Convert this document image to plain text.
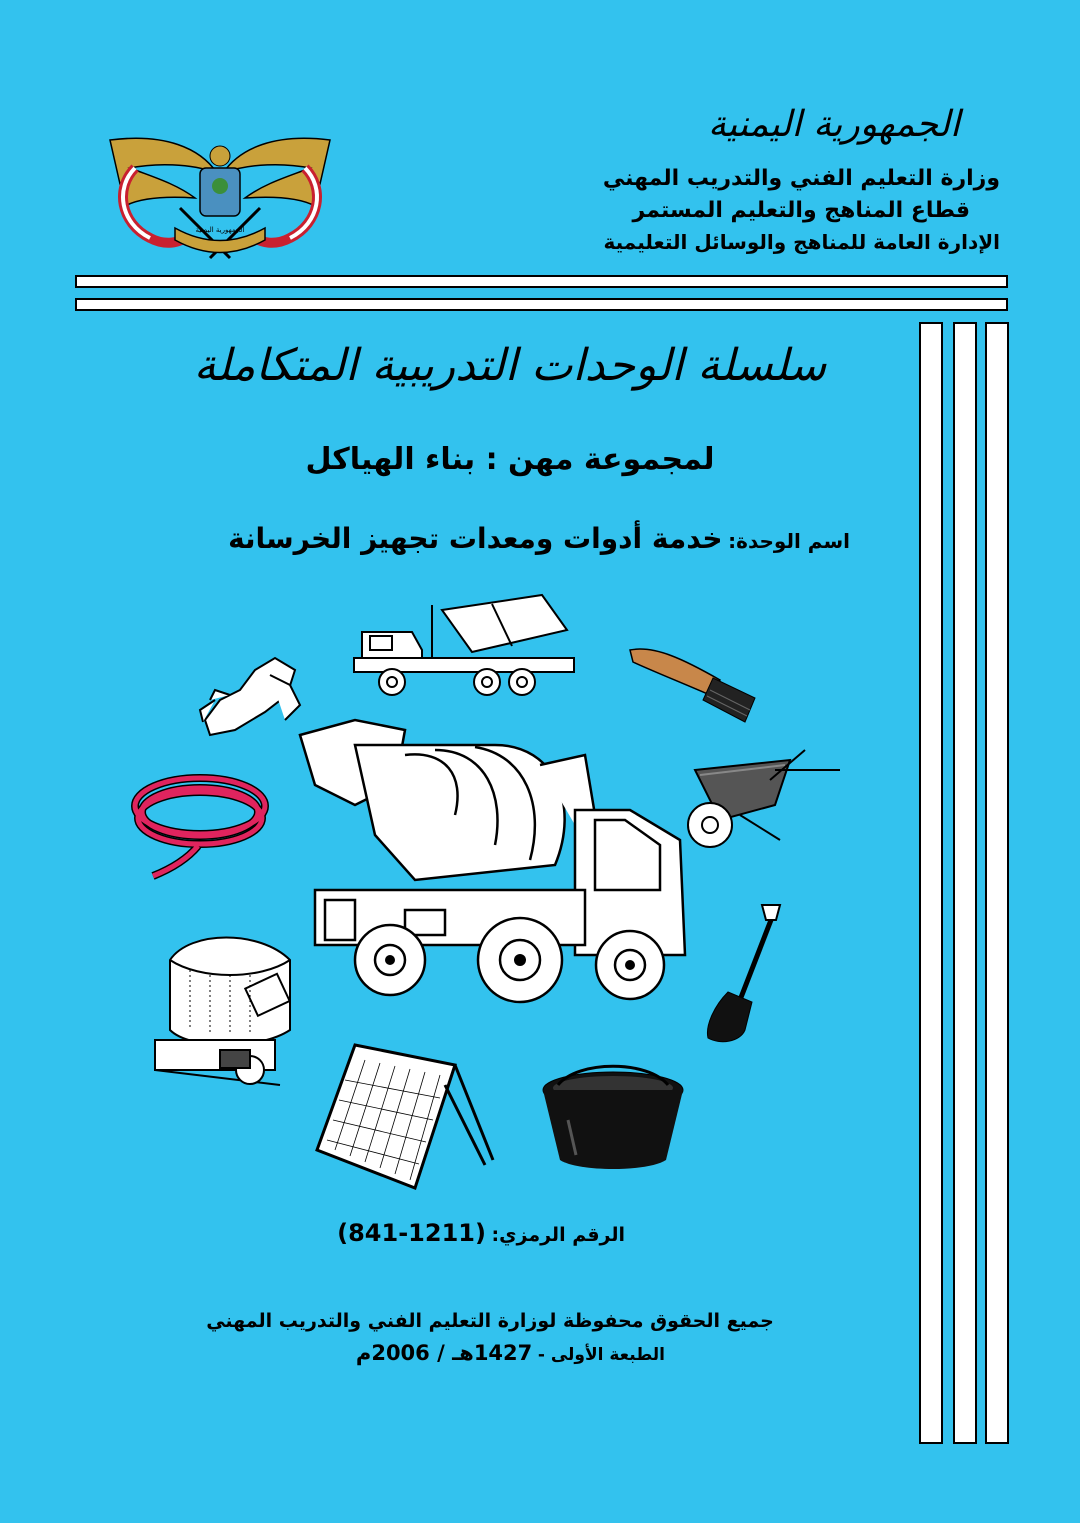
الجمهورية اليمنية
الجمهورية اليمنية
وزارة التعليم الفني والتدريب المهني
قطاع المناهج والتعليم المستمر
الإدارة العامة للمناهج والوسائل التعليمية
سلسلة الوحدات التدريبية المتكاملة
لمجموعة مهن : بناء الهياكل
اسم الوحدة: خدمة أدوات ومعدات تجهيز الخرسانة
الرقم الرمزي: (1211-841)
جميع الحقوق محفوظة لوزارة التعليم الفني والتدريب المهني
الطبعة الأولى - 1427هـ / 2006م
